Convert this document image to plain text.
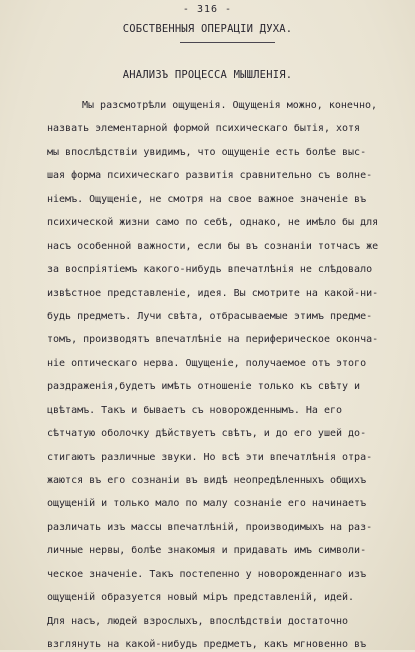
- 316 -
СОБСТВЕННЫЯ ОПЕРАЦIИ ДУХА.
АНАЛИЗЪ ПРОЦЕССА МЫШЛЕНIЯ.
Мы разсмотрѣли ощущенiя. Ощущенiя можно, конечно,
назвать элементарной формой психическаго бытiя, хотя
мы впослѣдствiи увидимъ, что ощущенiе есть болѣе выс-
шая форма психическаго развитiя сравнительно съ волне-
нiемъ. Ощущенiе, не смотря на свое важное значенiе въ
психической жизни само по себѣ, однако, не имѣло бы для
насъ особенной важности, если бы въ сознанiи тотчасъ же
за воспрiятiемъ какого-нибудь впечатлѣнiя не слѣдовало
извѣстное представленiе, идея. Вы смотрите на какой-ни-
будь предметъ. Лучи свѣта, отбрасываемые этимъ предме-
томъ, производятъ впечатлѣнiе на периферическое оконча-
нiе оптическаго нерва. Ощущенiе, получаемое отъ этого
раздраженiя,будетъ имѣть отношенiе только къ свѣту и
цвѣтамъ. Такъ и бываетъ съ новорожденнымъ. На его
сѣтчатую оболочку дѣйствуетъ свѣтъ, и до его ушей до-
стигаютъ различные звуки. Но всѣ эти впечатлѣнiя отра-
жаются въ его сознанiи въ видѣ неопредѣленныхъ общихъ
ощущенiй и только мало по малу сознанiе его начинаетъ
различать изъ массы впечатлѣнiй, производимыхъ на раз-
личные нервы, болѣе знакомыя и придавать имъ символи-
ческое значенiе. Такъ постепенно у новорожденнаго изъ
ощущенiй образуется новый мiръ представленiй, идей.
Для насъ, людей взрослыхъ, впослѣдствiи достаточно
взглянуть на какой-нибудь предметъ, какъ мгновенно въ
